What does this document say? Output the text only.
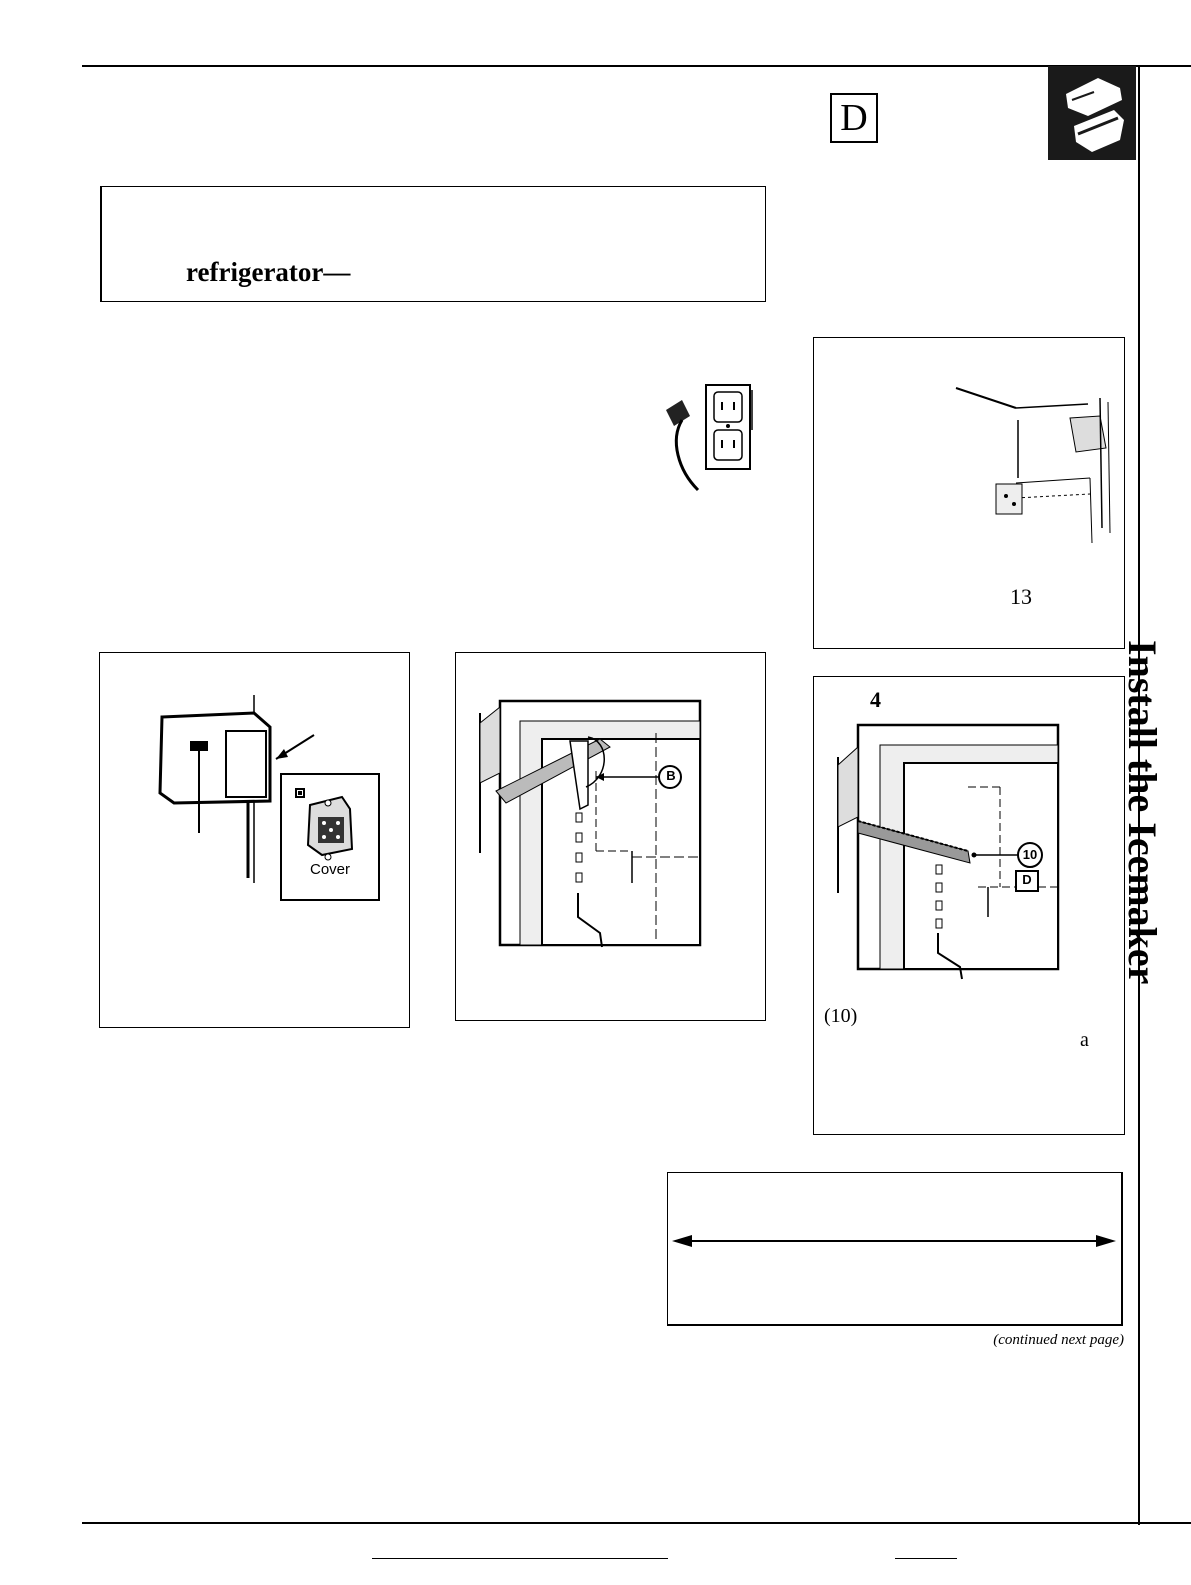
D
refrigerator—
13
Cover
B
4
10
D
(10)
a
Install the Icemaker
(continued next page)
